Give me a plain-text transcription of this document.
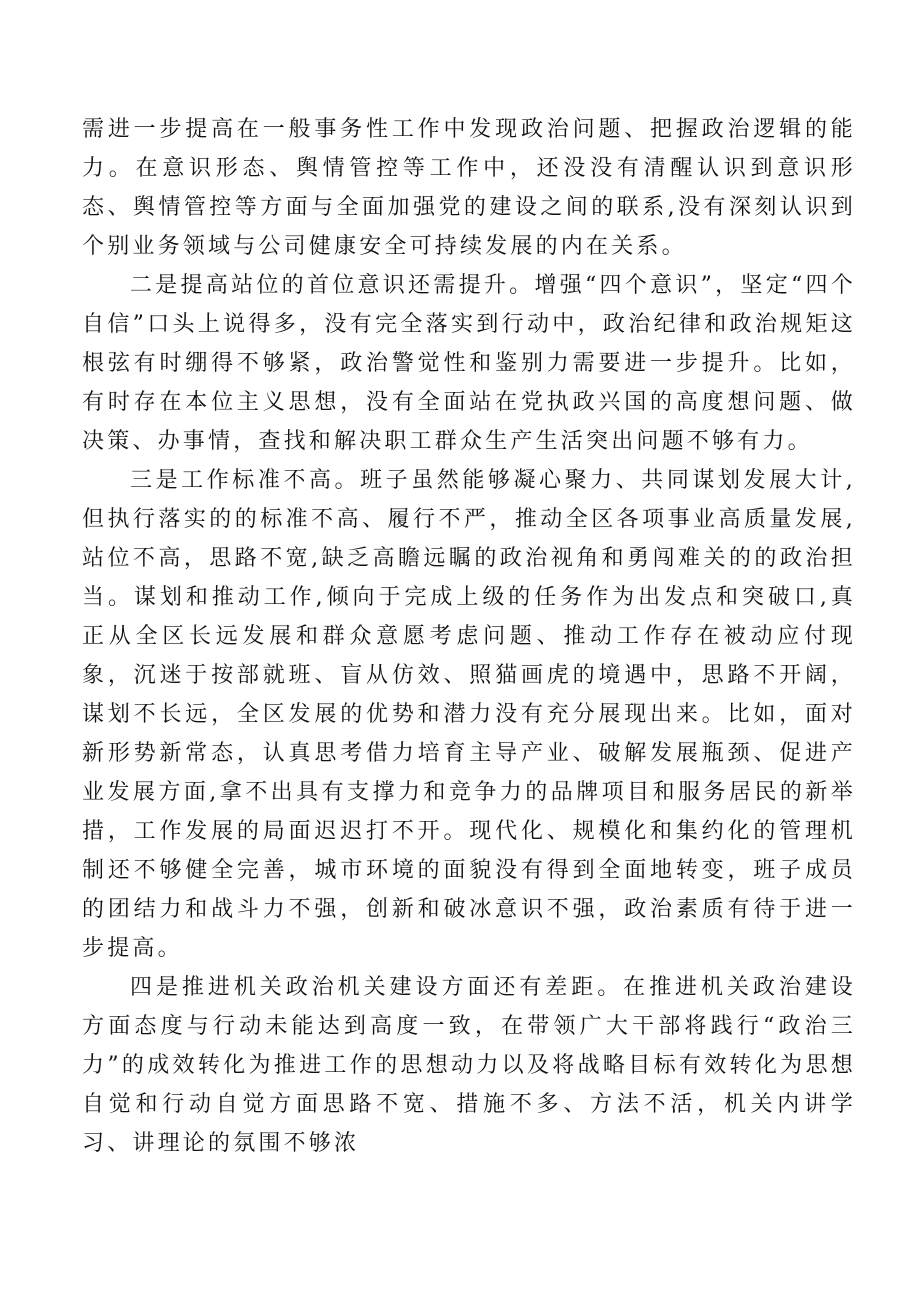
需进一步提高在一般事务性工作中发现政治问题、把握政治逻辑的能力。在意识形态、舆情管控等工作中，还没没有清醒认识到意识形态、舆情管控等方面与全面加强党的建设之间的联系,没有深刻认识到个别业务领域与公司健康安全可持续发展的内在关系。

二是提高站位的首位意识还需提升。增强“四个意识”，坚定“四个自信”口头上说得多，没有完全落实到行动中，政治纪律和政治规矩这根弦有时绷得不够紧，政治警觉性和鉴别力需要进一步提升。比如，有时存在本位主义思想，没有全面站在党执政兴国的高度想问题、做决策、办事情，查找和解决职工群众生产生活突出问题不够有力。

三是工作标准不高。班子虽然能够凝心聚力、共同谋划发展大计,但执行落实的的标准不高、履行不严，推动全区各项事业高质量发展,站位不高，思路不宽,缺乏高瞻远瞩的政治视角和勇闯难关的的政治担当。谋划和推动工作,倾向于完成上级的任务作为出发点和突破口,真正从全区长远发展和群众意愿考虑问题、推动工作存在被动应付现象，沉迷于按部就班、盲从仿效、照猫画虎的境遇中，思路不开阔，谋划不长远，全区发展的优势和潜力没有充分展现出来。比如，面对新形势新常态，认真思考借力培育主导产业、破解发展瓶颈、促进产业发展方面,拿不出具有支撑力和竞争力的品牌项目和服务居民的新举措，工作发展的局面迟迟打不开。现代化、规模化和集约化的管理机制还不够健全完善，城市环境的面貌没有得到全面地转变，班子成员的团结力和战斗力不强，创新和破冰意识不强，政治素质有待于进一步提高。

四是推进机关政治机关建设方面还有差距。在推进机关政治建设方面态度与行动未能达到高度一致，在带领广大干部将践行“政治三力”的成效转化为推进工作的思想动力以及将战略目标有效转化为思想自觉和行动自觉方面思路不宽、措施不多、方法不活，机关内讲学习、讲理论的氛围不够浓
